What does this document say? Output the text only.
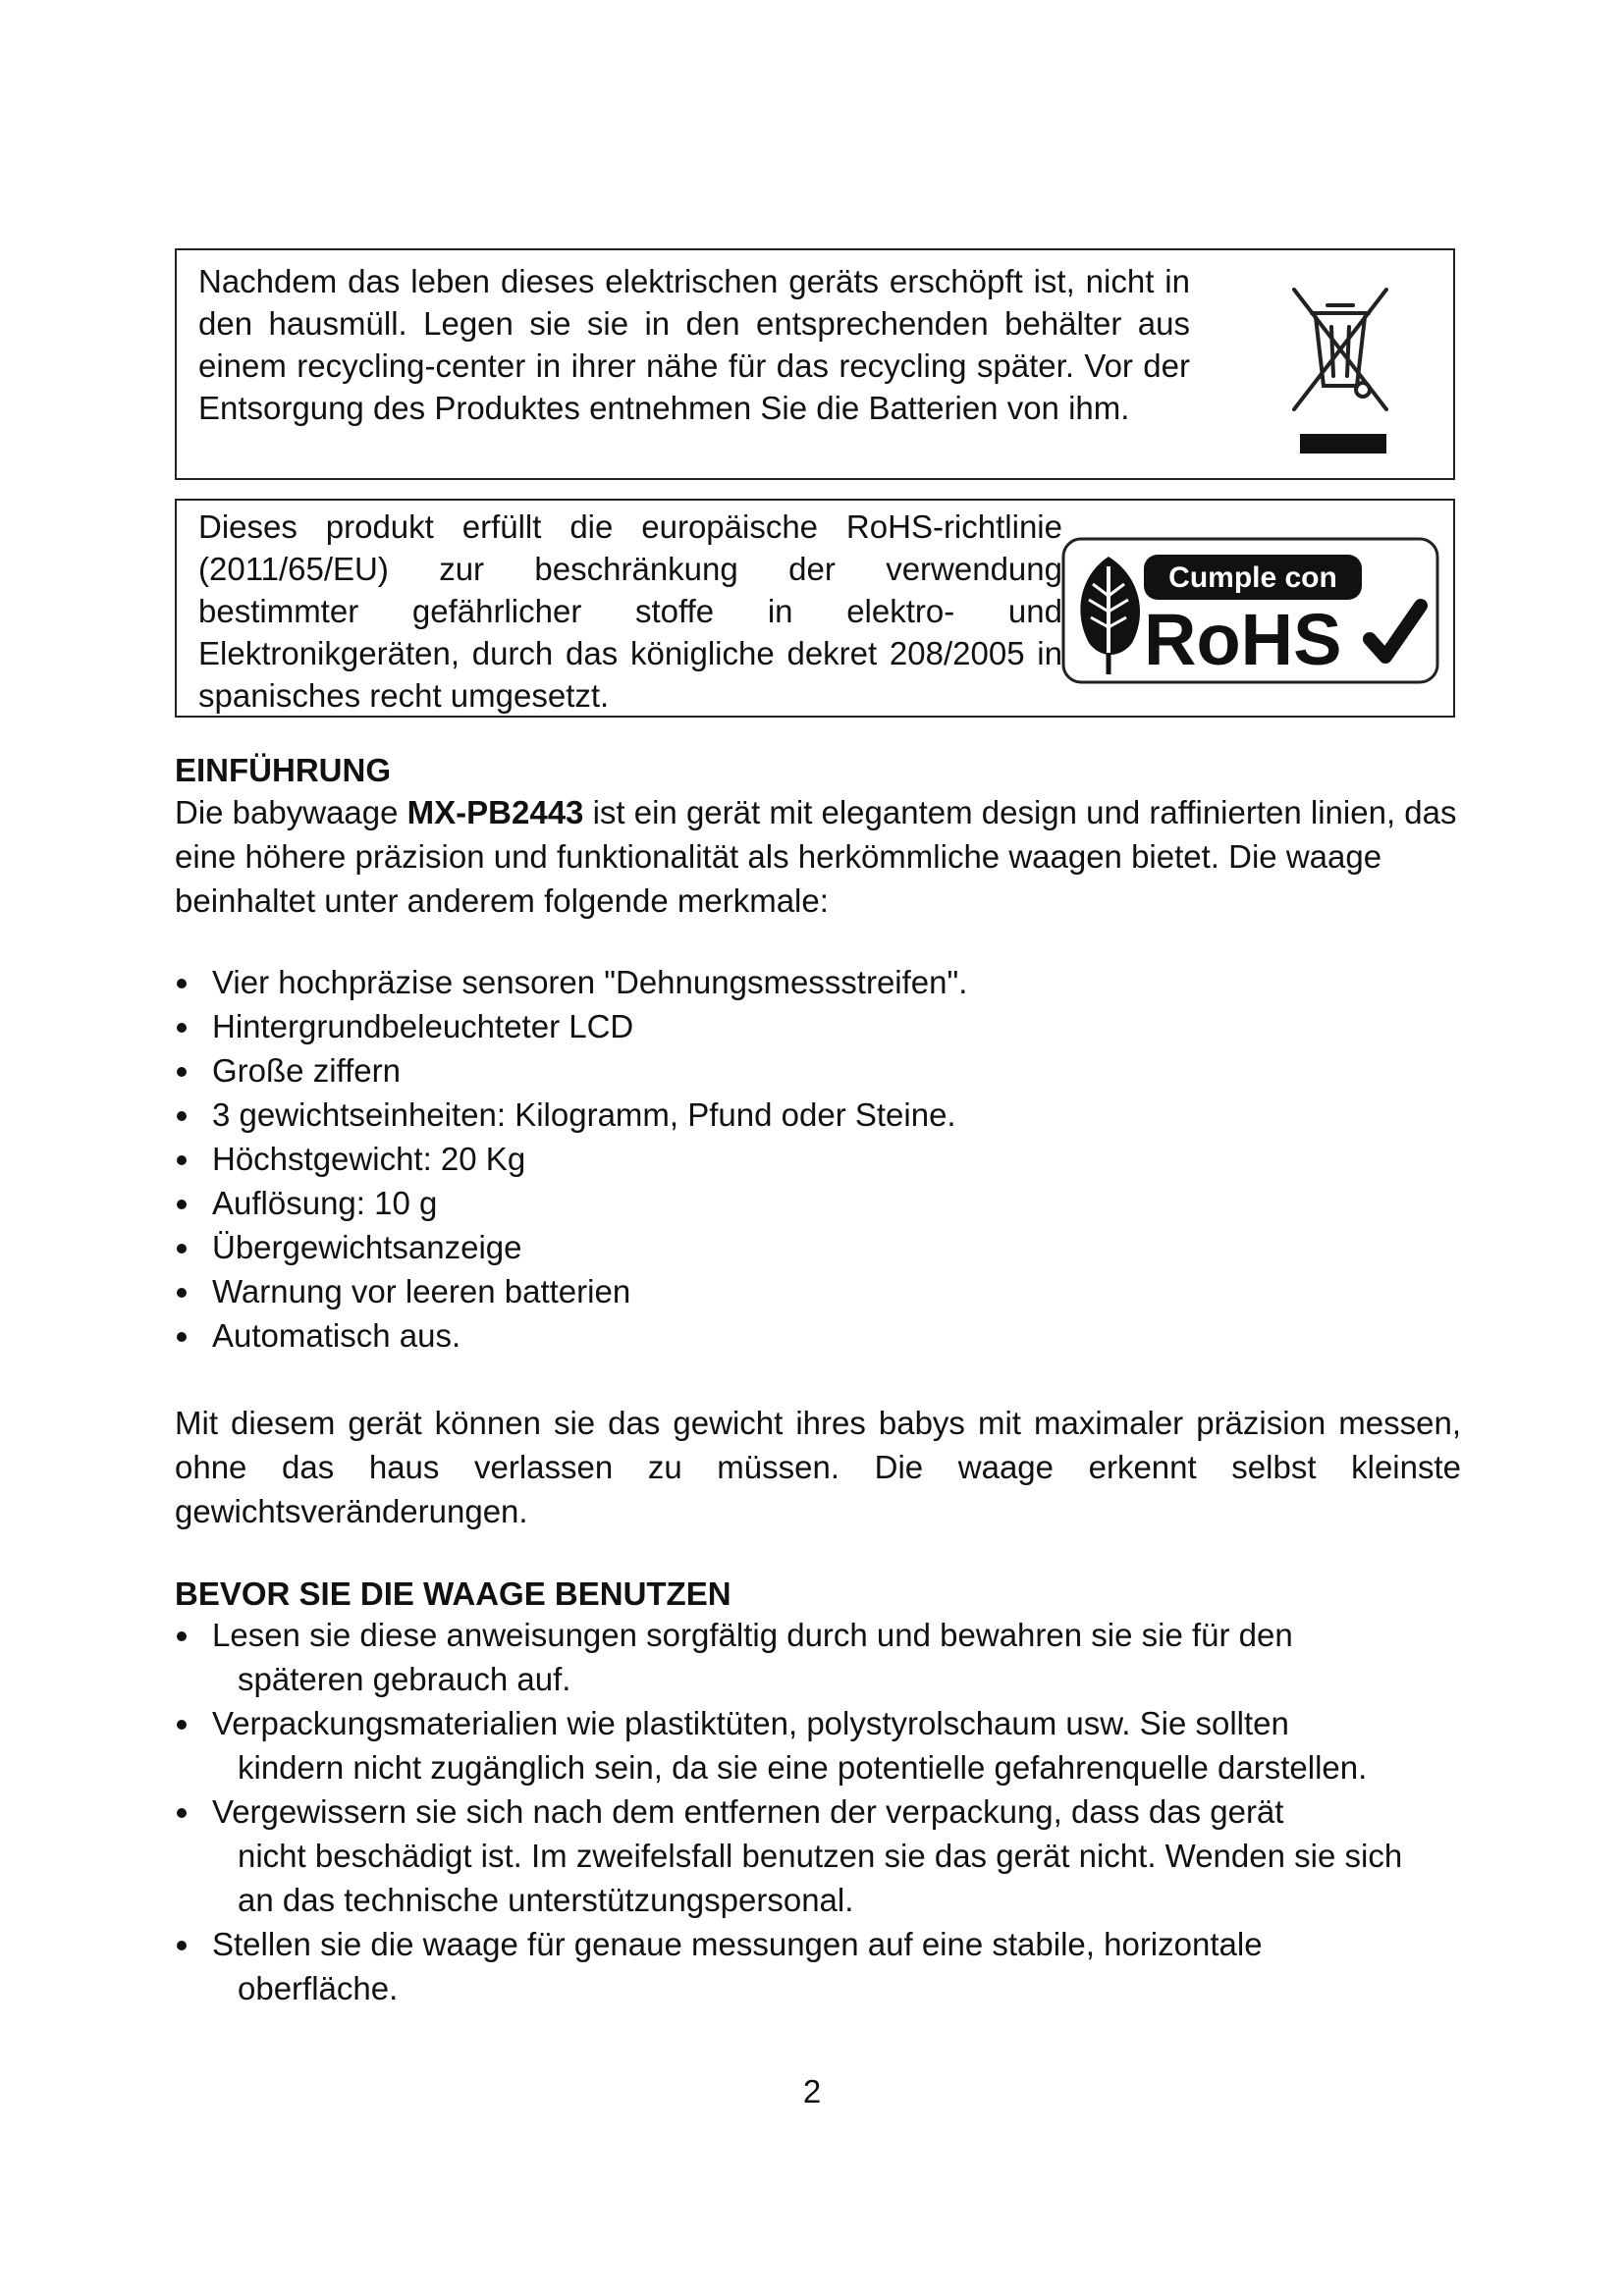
Nachdem das leben dieses elektrischen geräts erschöpft ist, nicht in den hausmüll. Legen sie sie in den entsprechenden behälter aus einem recycling-center in ihrer nähe für das recycling später. Vor der Entsorgung des Produktes entnehmen Sie die Batterien von ihm.

Dieses produkt erfüllt die europäische RoHS-richtlinie (2011/65/EU) zur beschränkung der verwendung bestimmter gefährlicher stoffe in elektro- und Elektronikgeräten, durch das königliche dekret 208/2005 in spanisches recht umgesetzt.

Cumple con
RoHS
EINFÜHRUNG

Die babywaage MX-PB2443 ist ein gerät mit elegantem design und raffinierten linien, das eine höhere präzision und funktionalität als herkömmliche waagen bietet. Die waage beinhaltet unter anderem folgende merkmale:

Vier hochpräzise sensoren "Dehnungsmessstreifen".
Hintergrundbeleuchteter LCD
Große ziffern
3 gewichtseinheiten: Kilogramm, Pfund oder Steine.
Höchstgewicht: 20 Kg
Auflösung: 10 g
Übergewichtsanzeige
Warnung vor leeren batterien
Automatisch aus.

Mit diesem gerät können sie das gewicht ihres babys mit maximaler präzision messen, ohne das haus verlassen zu müssen. Die waage erkennt selbst kleinste gewichtsveränderungen.

BEVOR SIE DIE WAAGE BENUTZEN
Lesen sie diese anweisungen sorgfältig durch und bewahren sie sie für den
späteren gebrauch auf.
Verpackungsmaterialien wie plastiktüten, polystyrolschaum usw. Sie sollten
kindern nicht zugänglich sein, da sie eine potentielle gefahrenquelle darstellen.
Vergewissern sie sich nach dem entfernen der verpackung, dass das gerät
nicht beschädigt ist. Im zweifelsfall benutzen sie das gerät nicht. Wenden sie sich an das technische unterstützungspersonal.
Stellen sie die waage für genaue messungen auf eine stabile, horizontale
oberfläche.

2
